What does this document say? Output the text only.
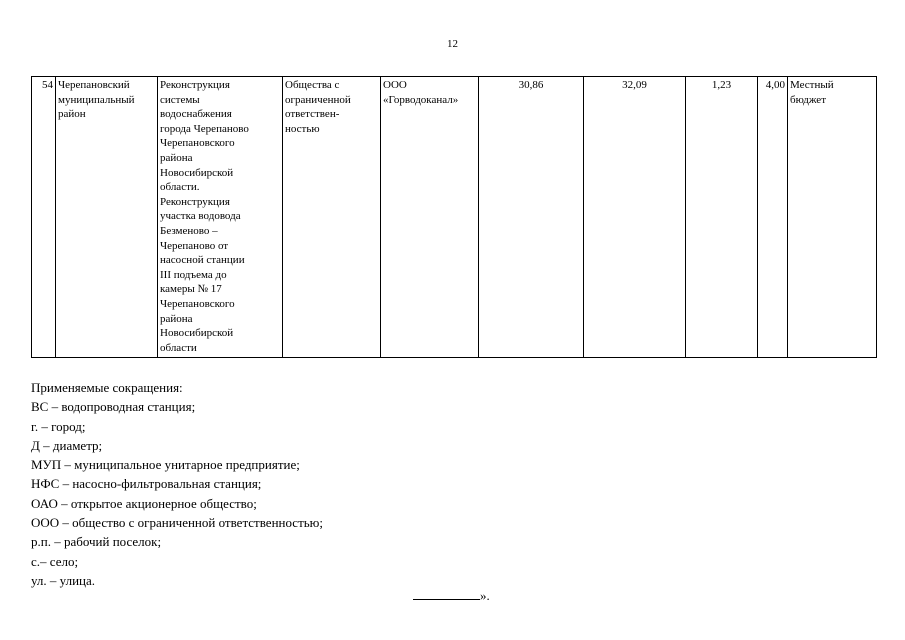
12
54	Черепановский
муниципальный
район	Реконструкция
системы
водоснабжения
города Черепаново
Черепановского
района
Новосибирской
области.
Реконструкция
участка водовода
Безменово –
Черепаново от
насосной станции
III подъема до
камеры № 17
Черепановского
района
Новосибирской
области	Общества с
ограниченной
ответствен-
ностью	ООО
«Горводоканал»	30,86	32,09	1,23	4,00	Местный
бюджет
Применяемые сокращения:
ВС – водопроводная станция;
г. – город;
Д – диаметр;
МУП – муниципальное унитарное предприятие;
НФС – насосно-фильтровальная станция;
ОАО – открытое акционерное общество;
ООО – общество с ограниченной ответственностью;
р.п. – рабочий поселок;
с.– село;
ул. – улица.
».
